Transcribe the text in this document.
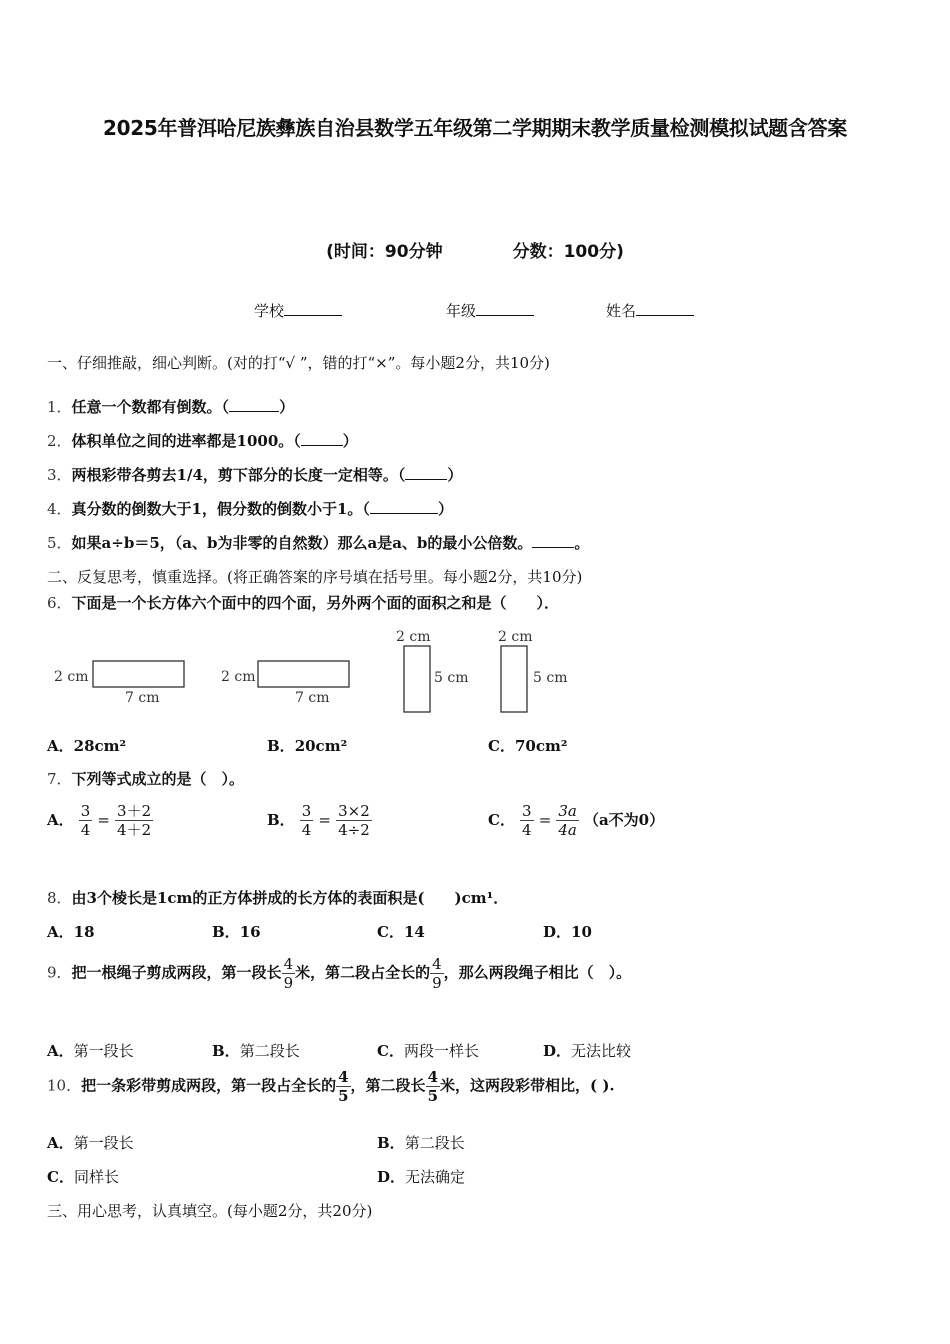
2025年普洱哈尼族彝族自治县数学五年级第二学期期末教学质量检测模拟试题含答案
(时间：90分钟	分数：100分)
学校	年级	姓名
一、仔细推敲，细心判断。(对的打“√ ”，错的打“×”。每小题2分，共10分)
1．任意一个数都有倒数。（	）
2．体积单位之间的进率都是1000。（	）
3．两根彩带各剪去1/4，剪下部分的长度一定相等。（	）
4．真分数的倒数大于1，假分数的倒数小于1。（	）
5．如果a÷b＝5，（a、b为非零的自然数）那么a是a、b的最小公倍数。	。
二、反复思考，慎重选择。(将正确答案的序号填在括号里。每小题2分，共10分)
6．下面是一个长方体六个面中的四个面，另外两个面的面积之和是（　　）．
2 cm
7 cm
2 cm
7 cm
2 cm
5 cm
2 cm
5 cm
A．28cm²	B．20cm²	C．70cm²
7．下列等式成立的是（　）。
A． $\frac{3}{4} = \frac{3+2}{4+2}$	B． $\frac{3}{4} = \frac{3\times 2}{4\div 2}$	C． $\frac{3}{4} = \frac{3a}{4a} (a$不为0）
8．由3个棱长是1cm的正方体拼成的长方体的表面积是(　　)cm¹．
A．18	B．16	C．14	D．10
9．把一根绳子剪成两段，第一段长 $\frac{4}{9}$ 米，第二段占全长的 $\frac{4}{9}$ ，那么两段绳子相比（　）。
A．第一段长	B．第二段长	C．两段一样长	D．无法比较
10．把一条彩带剪成两段，第一段占全长的 $\frac{4}{5}$ ，第二段长 $\frac{4}{5}$ 米，这两段彩带相比，( ).
A．第一段长	B．第二段长
C．同样长	D．无法确定
三、用心思考，认真填空。(每小题2分，共20分)
